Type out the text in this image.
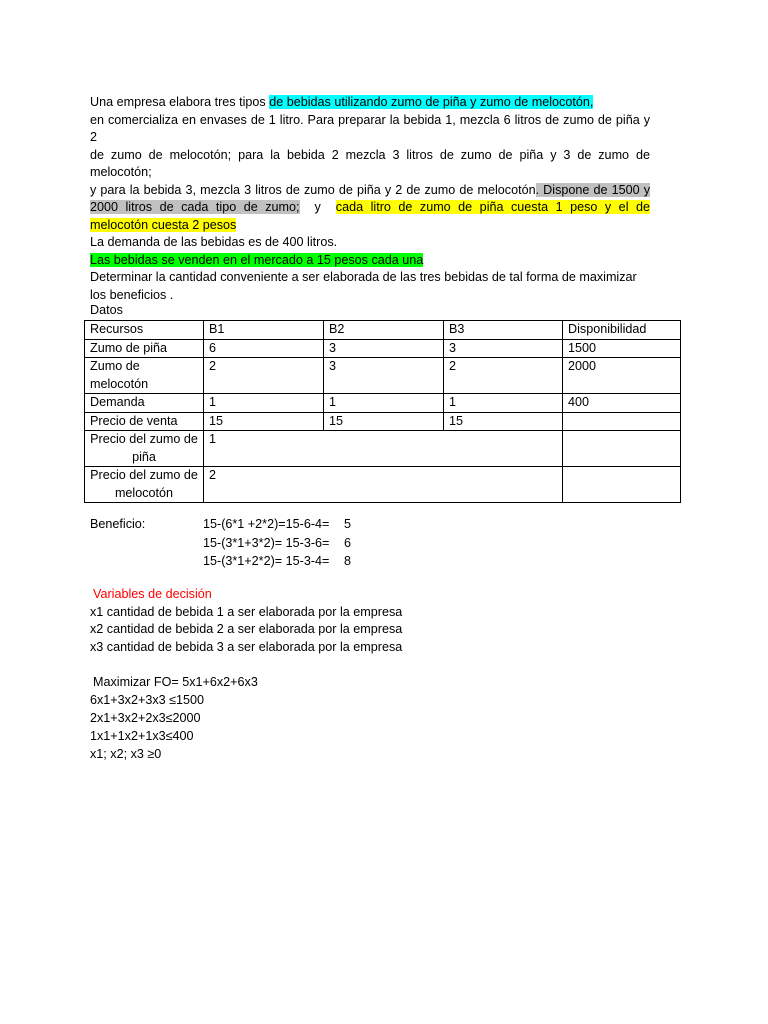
Una empresa elabora tres tipos de bebidas utilizando zumo de piña y zumo de melocotón,

en comercializa en envases de 1 litro. Para preparar la bebida 1, mezcla 6 litros de zumo de piña y 2

de zumo de melocotón; para la bebida 2 mezcla 3 litros de zumo de piña y 3 de zumo de melocotón;

y para la bebida 3, mezcla 3 litros de zumo de piña y 2 de zumo de melocotón. Dispone de 1500 y

2000 litros de cada tipo de zumo;  y  cada litro de zumo de piña cuesta 1 peso y el de

melocotón cuesta 2 pesos

La demanda de las bebidas es de 400 litros.

Las bebidas se venden en el mercado a 15 pesos cada una

Determinar la cantidad conveniente a ser elaborada de las tres bebidas de tal forma de maximizar

los beneficios .

Datos
Recursos	B1	B2	B3	Disponibilidad
Zumo de piña	6	3	3	1500
Zumo de melocotón	2	3	2	2000
Demanda	1	1	1	400
Precio de venta	15	15	15	
Precio del zumo de piña	1			
Precio del zumo de melocotón	2			
Beneficio:	15-(6*1 +2*2)=15-6-4= 5
15-(3*1+3*2)= 15-3-6= 6
15-(3*1+2*2)= 15-3-4= 8
Variables de decisión
x1 cantidad de bebida 1 a ser elaborada por la empresa
x2 cantidad de bebida 2 a ser elaborada por la empresa
x3 cantidad de bebida 3 a ser elaborada por la empresa
Maximizar FO= 5x1+6x2+6x3
6x1+3x2+3x3 ≤1500
2x1+3x2+2x3≤2000
1x1+1x2+1x3≤400
x1; x2; x3 ≥0
